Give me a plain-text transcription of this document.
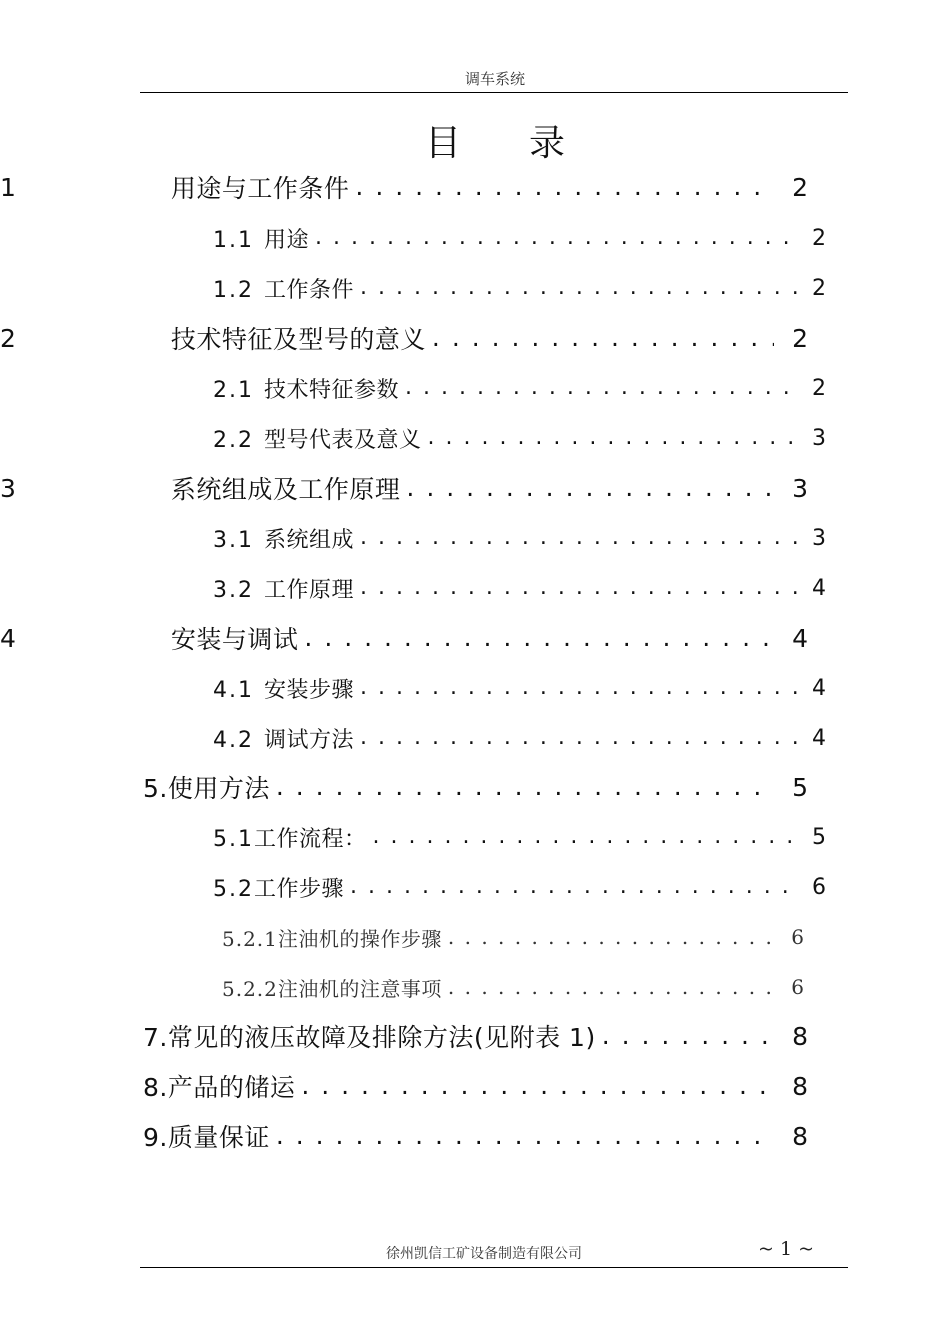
调车系统
目录
1	用途与工作条件 . . .	2
1.1 用途 . . .	2
1.2 工作条件 . . .	2
2	技术特征及型号的意义 . . .	2
2.1 技术特征参数 . . .	2
2.2 型号代表及意义 . . .	3
3	系统组成及工作原理 . . .	3
3.1 系统组成 . . .	3
3.2 工作原理 . . .	4
4	安装与调试 . . .	4
4.1 安装步骤 . . .	4
4.2 调试方法 . . .	4
5.使用方法 . . .	5
5.1工作流程： . . .	5
5.2工作步骤 . . .	6
5.2.1注油机的操作步骤 . . .	6
5.2.2注油机的注意事项 . . .	6
7.常见的液压故障及排除方法(见附表 1) . . .	8
8.产品的储运 . . .	8
9.质量保证 . . .	8
徐州凯信工矿设备制造有限公司	~ 1 ~
